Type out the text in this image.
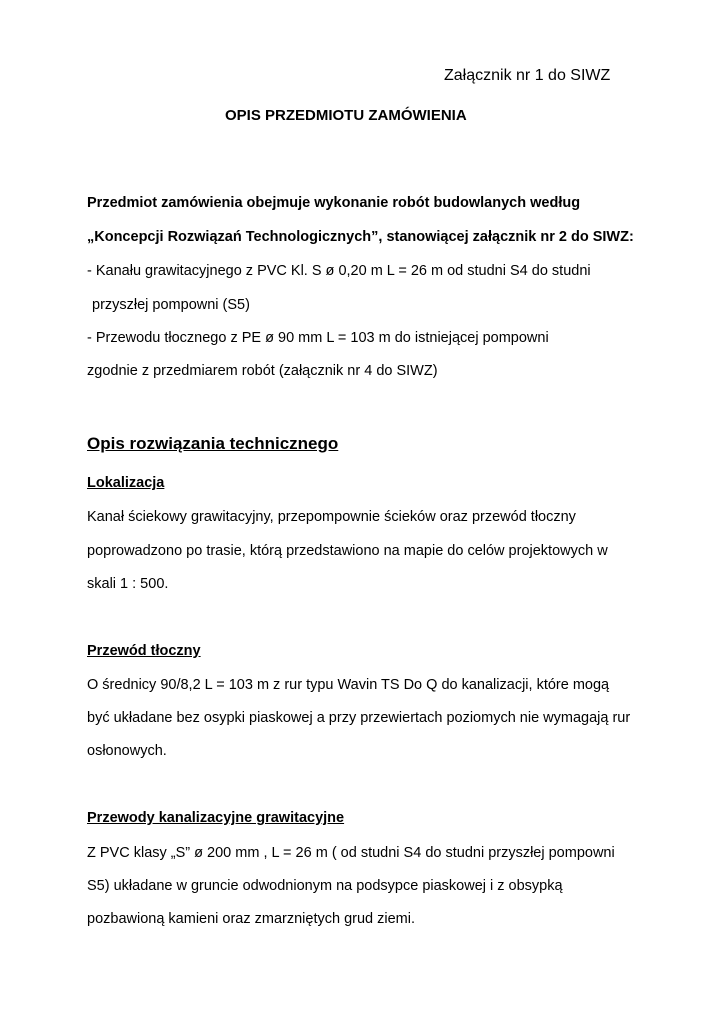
Załącznik nr 1 do SIWZ
OPIS PRZEDMIOTU ZAMÓWIENIA
Przedmiot zamówienia obejmuje wykonanie robót budowlanych według
„Koncepcji Rozwiązań Technologicznych”, stanowiącej załącznik nr 2 do SIWZ:
- Kanału grawitacyjnego z PVC Kl. S ø 0,20 m L = 26 m od studni S4 do studni
przyszłej pompowni (S5)
- Przewodu tłocznego z PE ø 90 mm L = 103 m do istniejącej pompowni
zgodnie z przedmiarem robót (załącznik nr 4 do SIWZ)
Opis rozwiązania technicznego
Lokalizacja
Kanał ściekowy grawitacyjny, przepompownie ścieków oraz przewód tłoczny
poprowadzono po trasie, którą przedstawiono na mapie do celów projektowych w
skali 1 : 500.
Przewód tłoczny
O średnicy 90/8,2 L = 103 m z rur typu Wavin TS Do Q do kanalizacji, które mogą
być układane bez osypki piaskowej a przy przewiertach poziomych nie wymagają rur
osłonowych.
Przewody kanalizacyjne grawitacyjne
Z PVC klasy „S” ø 200 mm , L = 26 m ( od studni S4 do studni przyszłej pompowni
S5) układane w gruncie odwodnionym na podsypce piaskowej i z obsypką
pozbawioną kamieni oraz zmarzniętych grud ziemi.
